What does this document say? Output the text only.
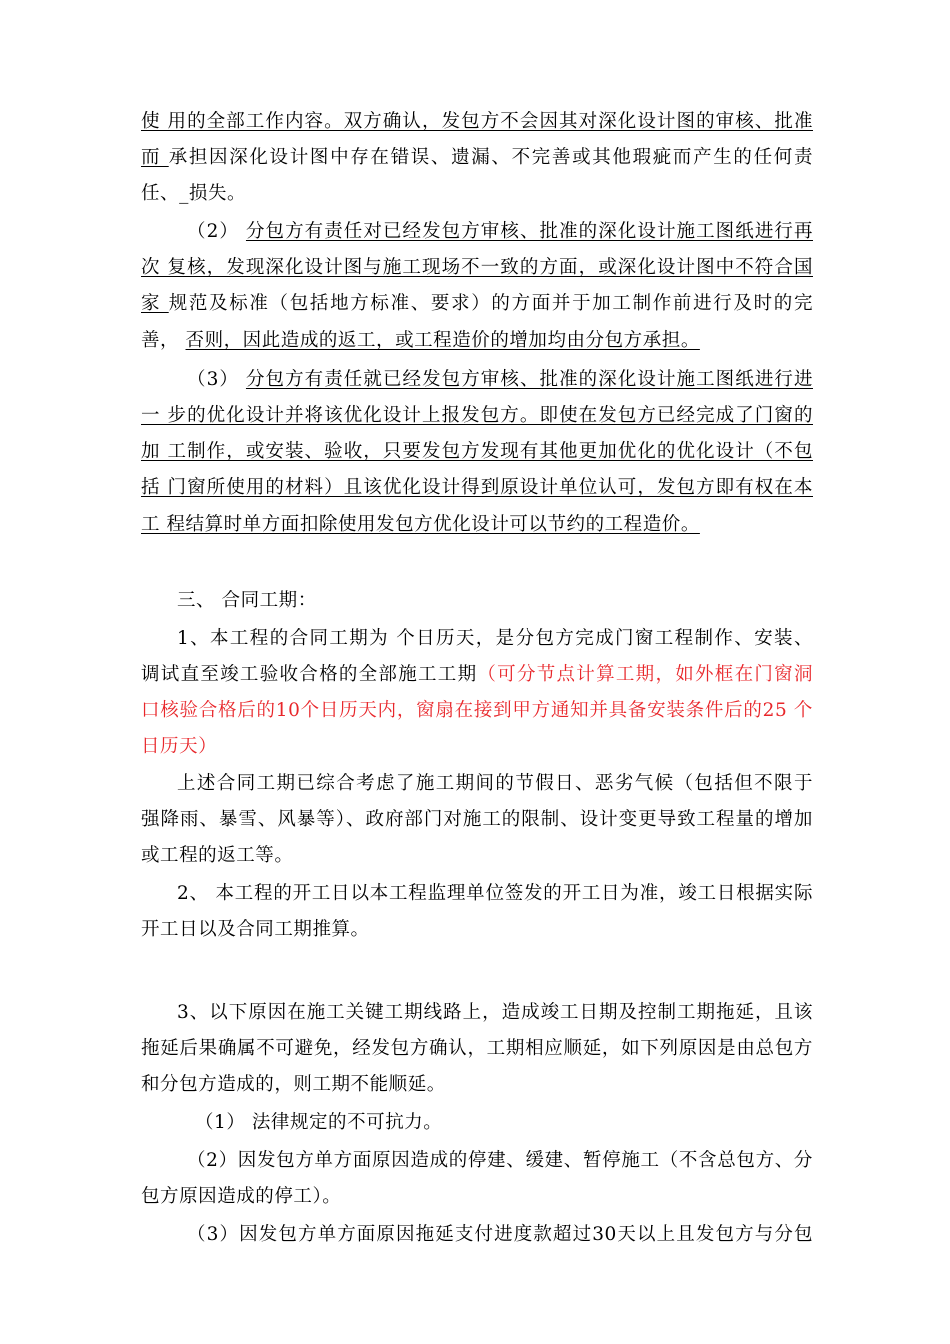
使 用的全部工作内容。双方确认，发包方不会因其对深化设计图的审核、批准
而 承担因深化设计图中存在错误、遗漏、不完善或其他瑕疵而产生的任何责
任、_损失。
（2） 分包方有责任对已经发包方审核、批准的深化设计施工图纸进行再
次 复核，发现深化设计图与施工现场不一致的方面，或深化设计图中不符合国
家 规范及标准（包括地方标准、要求）的方面并于加工制作前进行及时的完
善， 否则，因此造成的返工，或工程造价的增加均由分包方承担。
（3） 分包方有责任就已经发包方审核、批准的深化设计施工图纸进行进
一 步的优化设计并将该优化设计上报发包方。即使在发包方已经完成了门窗的
加 工制作，或安装、验收，只要发包方发现有其他更加优化的优化设计（不包
括 门窗所使用的材料）且该优化设计得到原设计单位认可，发包方即有权在本
工 程结算时单方面扣除使用发包方优化设计可以节约的工程造价。
三、 合同工期：
1、本工程的合同工期为 个日历天，是分包方完成门窗工程制作、安装、
调试直至竣工验收合格的全部施工工期（可分节点计算工期，如外框在门窗洞
口核验合格后的10个日历天内，窗扇在接到甲方通知并具备安装条件后的25 个
日历天）
上述合同工期已综合考虑了施工期间的节假日、恶劣气候（包括但不限于
强降雨、暴雪、风暴等）、政府部门对施工的限制、设计变更导致工程量的增加
或工程的返工等。
2、 本工程的开工日以本工程监理单位签发的开工日为准，竣工日根据实际
开工日以及合同工期推算。
3、以下原因在施工关键工期线路上，造成竣工日期及控制工期拖延，且该
拖延后果确属不可避免，经发包方确认，工期相应顺延，如下列原因是由总包方
和分包方造成的，则工期不能顺延。
（1） 法律规定的不可抗力。
（2）因发包方单方面原因造成的停建、缓建、暂停施工（不含总包方、分
包方原因造成的停工）。
（3）因发包方单方面原因拖延支付进度款超过30天以上且发包方与分包
